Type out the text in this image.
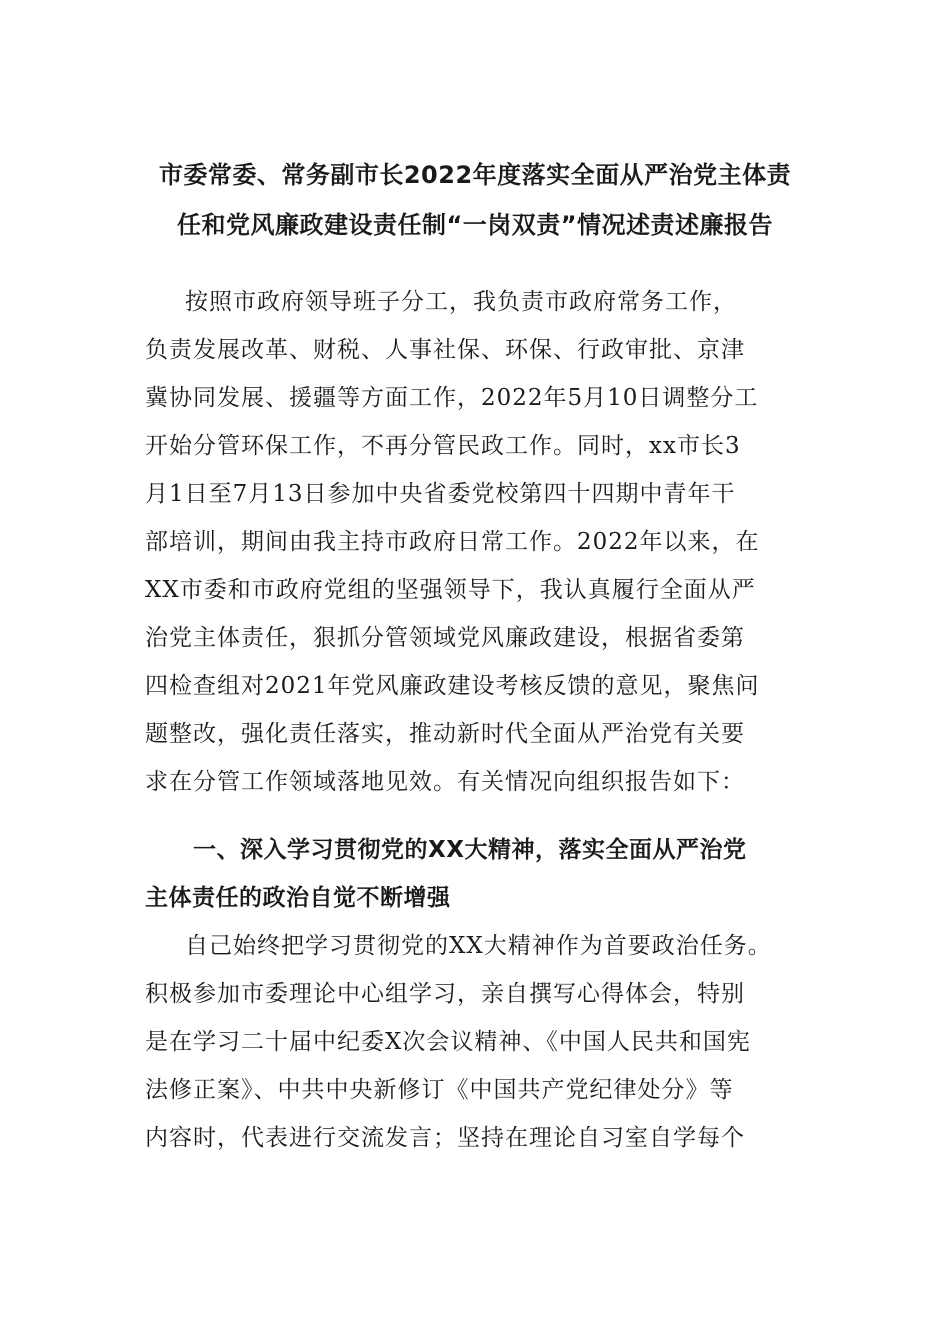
市委常委、常务副市长2022年度落实全面从严治党主体责
任和党风廉政建设责任制“一岗双责”情况述责述廉报告
按照市政府领导班子分工，我负责市政府常务工作，
负责发展改革、财税、人事社保、环保、行政审批、京津
冀协同发展、援疆等方面工作，2022年5月10日调整分工
开始分管环保工作，不再分管民政工作。同时，xx市长3
月1日至7月13日参加中央省委党校第四十四期中青年干
部培训，期间由我主持市政府日常工作。2022年以来，在
XX市委和市政府党组的坚强领导下，我认真履行全面从严
治党主体责任，狠抓分管领域党风廉政建设，根据省委第
四检查组对2021年党风廉政建设考核反馈的意见，聚焦问
题整改，强化责任落实，推动新时代全面从严治党有关要
求在分管工作领域落地见效。有关情况向组织报告如下：
一、深入学习贯彻党的XX大精神，落实全面从严治党
主体责任的政治自觉不断增强
自己始终把学习贯彻党的XX大精神作为首要政治任务。
积极参加市委理论中心组学习，亲自撰写心得体会，特别
是在学习二十届中纪委X次会议精神、《中国人民共和国宪
法修正案》、中共中央新修订《中国共产党纪律处分》等
内容时，代表进行交流发言；坚持在理论自习室自学每个
